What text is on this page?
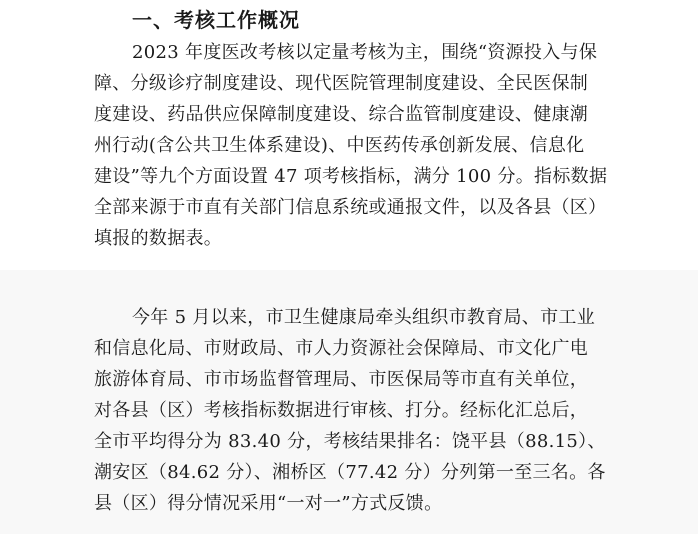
一、考核工作概况
2023 年度医改考核以定量考核为主，围绕“资源投入与保
障、分级诊疗制度建设、现代医院管理制度建设、全民医保制
度建设、药品供应保障制度建设、综合监管制度建设、健康潮
州行动(含公共卫生体系建设)、中医药传承创新发展、信息化
建设”等九个方面设置 47 项考核指标，满分 100 分。指标数据
全部来源于市直有关部门信息系统或通报文件，以及各县（区）
填报的数据表。
今年 5 月以来，市卫生健康局牵头组织市教育局、市工业
和信息化局、市财政局、市人力资源社会保障局、市文化广电
旅游体育局、市市场监督管理局、市医保局等市直有关单位，
对各县（区）考核指标数据进行审核、打分。经标化汇总后，
全市平均得分为 83.40 分，考核结果排名：饶平县（88.15）、
潮安区（84.62 分）、湘桥区（77.42 分）分列第一至三名。各
县（区）得分情况采用“一对一”方式反馈。
